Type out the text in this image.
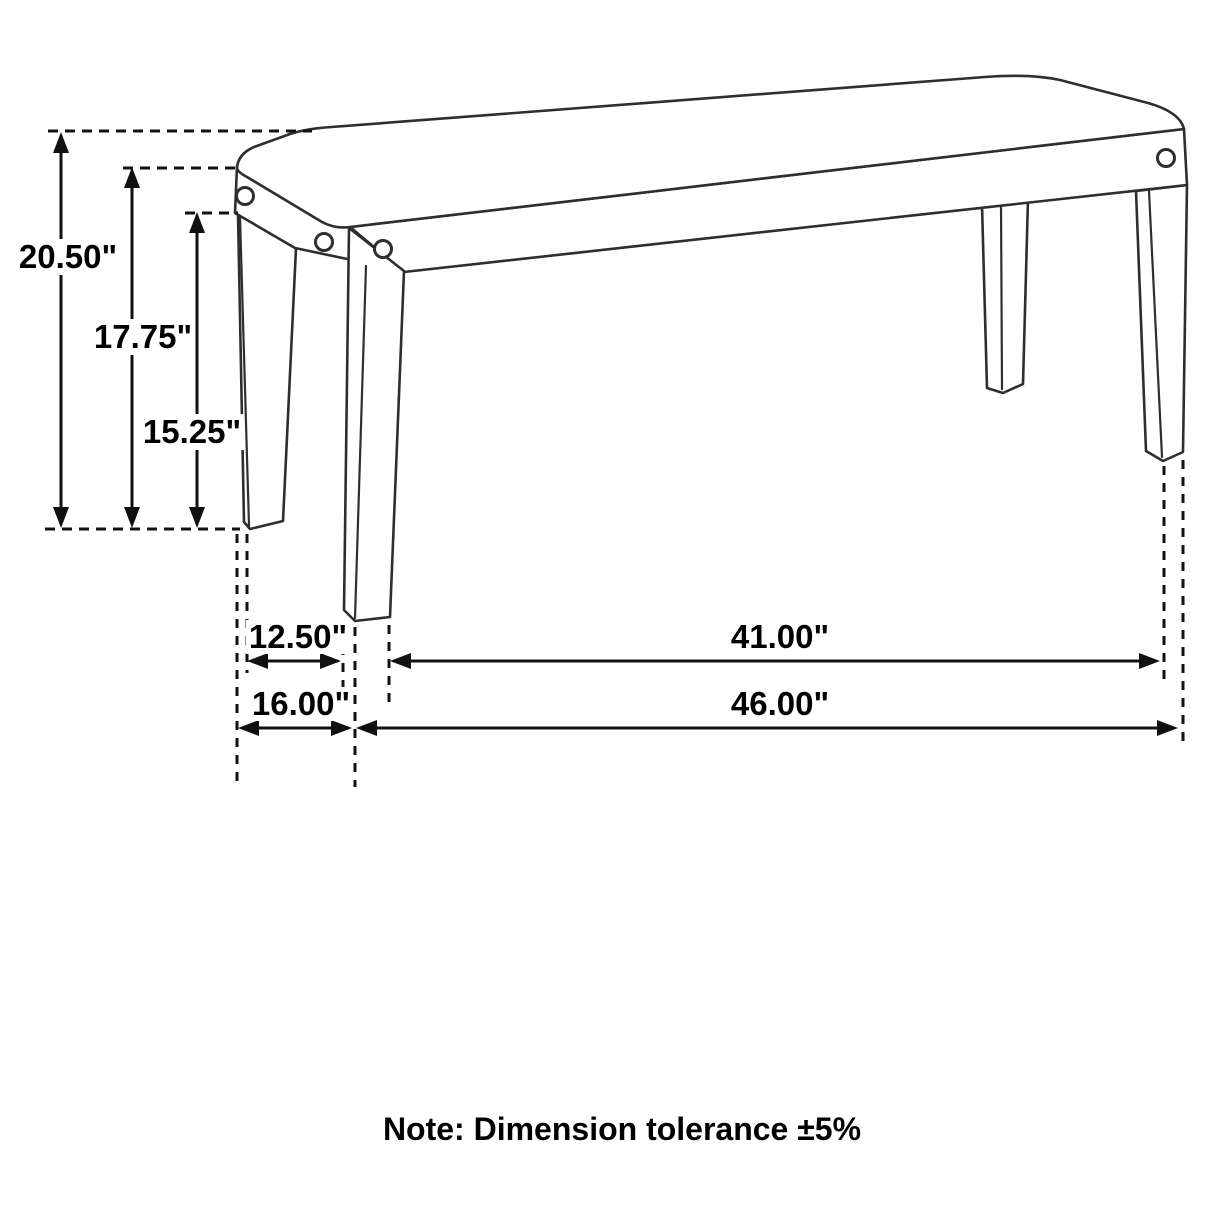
20.50"
17.75"
15.25"
12.50"	41.00"
16.00"	46.00"
Note: Dimension tolerance ±5%
